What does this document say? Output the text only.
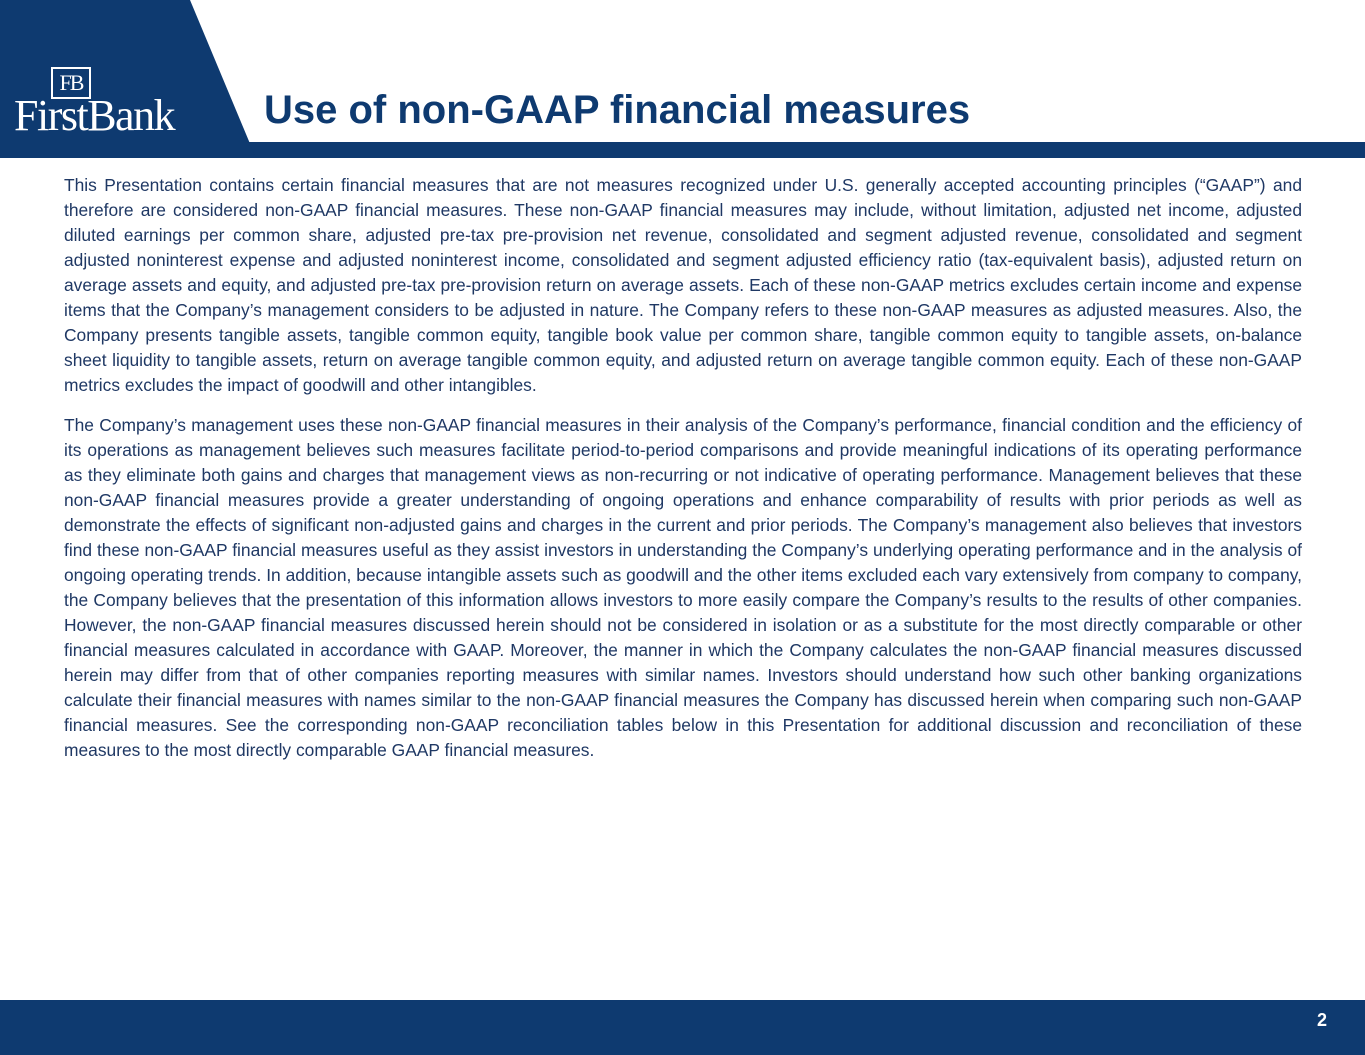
FB
FirstBank Use of non-GAAP financial measures

This Presentation contains certain financial measures that are not measures recognized under U.S. generally accepted accounting principles (“GAAP”) and therefore are considered non-GAAP financial measures. These non-GAAP financial measures may include, without limitation, adjusted net income, adjusted diluted earnings per common share, adjusted pre-tax pre-provision net revenue, consolidated and segment adjusted revenue, consolidated and segment adjusted noninterest expense and adjusted noninterest income, consolidated and segment adjusted efficiency ratio (tax-equivalent basis), adjusted return on average assets and equity, and adjusted pre-tax pre-provision return on average assets. Each of these non-GAAP metrics excludes certain income and expense items that the Company’s management considers to be adjusted in nature. The Company refers to these non-GAAP measures as adjusted measures. Also, the Company presents tangible assets, tangible common equity, tangible book value per common share, tangible common equity to tangible assets, on-balance sheet liquidity to tangible assets, return on average tangible common equity, and adjusted return on average tangible common equity. Each of these non-GAAP metrics excludes the impact of goodwill and other intangibles.

The Company’s management uses these non-GAAP financial measures in their analysis of the Company’s performance, financial condition and the efficiency of its operations as management believes such measures facilitate period-to-period comparisons and provide meaningful indications of its operating performance as they eliminate both gains and charges that management views as non-recurring or not indicative of operating performance. Management believes that these non-GAAP financial measures provide a greater understanding of ongoing operations and enhance comparability of results with prior periods as well as demonstrate the effects of significant non-adjusted gains and charges in the current and prior periods. The Company’s management also believes that investors find these non-GAAP financial measures useful as they assist investors in understanding the Company’s underlying operating performance and in the analysis of ongoing operating trends. In addition, because intangible assets such as goodwill and the other items excluded each vary extensively from company to company, the Company believes that the presentation of this information allows investors to more easily compare the Company’s results to the results of other companies. However, the non-GAAP financial measures discussed herein should not be considered in isolation or as a substitute for the most directly comparable or other financial measures calculated in accordance with GAAP. Moreover, the manner in which the Company calculates the non-GAAP financial measures discussed herein may differ from that of other companies reporting measures with similar names. Investors should understand how such other banking organizations calculate their financial measures with names similar to the non-GAAP financial measures the Company has discussed herein when comparing such non-GAAP financial measures. See the corresponding non-GAAP reconciliation tables below in this Presentation for additional discussion and reconciliation of these measures to the most directly comparable GAAP financial measures.

2
